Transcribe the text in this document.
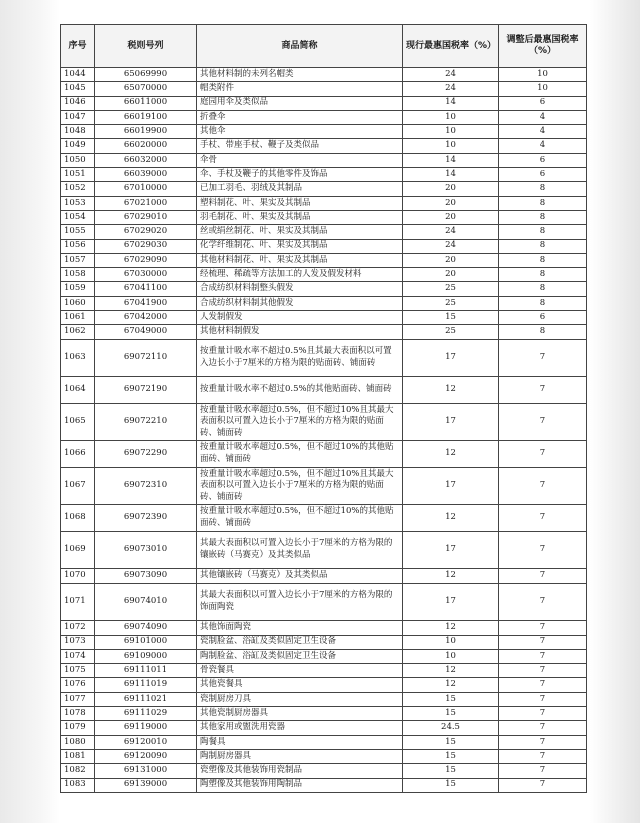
序号	税则号列	商品简称	现行最惠国税率（%）	调整后最惠国税率（%）
1044	65069990	其他材料制的未列名帽类	24	10
1045	65070000	帽类附件	24	10
1046	66011000	庭园用伞及类似品	14	6
1047	66019100	折叠伞	10	4
1048	66019900	其他伞	10	4
1049	66020000	手杖、带座手杖、鞭子及类似品	10	4
1050	66032000	伞骨	14	6
1051	66039000	伞、手杖及鞭子的其他零件及饰品	14	6
1052	67010000	已加工羽毛、羽绒及其制品	20	8
1053	67021000	塑料制花、叶、果实及其制品	20	8
1054	67029010	羽毛制花、叶、果实及其制品	20	8
1055	67029020	丝或绢丝制花、叶、果实及其制品	24	8
1056	67029030	化学纤维制花、叶、果实及其制品	24	8
1057	67029090	其他材料制花、叶、果实及其制品	20	8
1058	67030000	经梳理、稀疏等方法加工的人发及假发材料	20	8
1059	67041100	合成纺织材料制整头假发	25	8
1060	67041900	合成纺织材料制其他假发	25	8
1061	67042000	人发制假发	15	6
1062	67049000	其他材料制假发	25	8
1063	69072110	按重量计吸水率不超过0.5%且其最大表面积以可置入边长小于7厘米的方格为限的贴面砖、铺面砖	17	7
1064	69072190	按重量计吸水率不超过0.5%的其他贴面砖、铺面砖	12	7
1065	69072210	按重量计吸水率超过0.5%，但不超过10%且其最大表面积以可置入边长小于7厘米的方格为限的贴面砖、铺面砖	17	7
1066	69072290	按重量计吸水率超过0.5%，但不超过10%的其他贴面砖、铺面砖	12	7
1067	69072310	按重量计吸水率超过0.5%，但不超过10%且其最大表面积以可置入边长小于7厘米的方格为限的贴面砖、铺面砖	17	7
1068	69072390	按重量计吸水率超过0.5%，但不超过10%的其他贴面砖、铺面砖	12	7
1069	69073010	其最大表面积以可置入边长小于7厘米的方格为限的镶嵌砖（马赛克）及其类似品	17	7
1070	69073090	其他镶嵌砖（马赛克）及其类似品	12	7
1071	69074010	其最大表面积以可置入边长小于7厘米的方格为限的饰面陶瓷	17	7
1072	69074090	其他饰面陶瓷	12	7
1073	69101000	瓷制脸盆、浴缸及类似固定卫生设备	10	7
1074	69109000	陶制脸盆、浴缸及类似固定卫生设备	10	7
1075	69111011	骨瓷餐具	12	7
1076	69111019	其他瓷餐具	12	7
1077	69111021	瓷制厨房刀具	15	7
1078	69111029	其他瓷制厨房器具	15	7
1079	69119000	其他家用或盥洗用瓷器	24.5	7
1080	69120010	陶餐具	15	7
1081	69120090	陶制厨房器具	15	7
1082	69131000	瓷塑像及其他装饰用瓷制品	15	7
1083	69139000	陶塑像及其他装饰用陶制品	15	7
